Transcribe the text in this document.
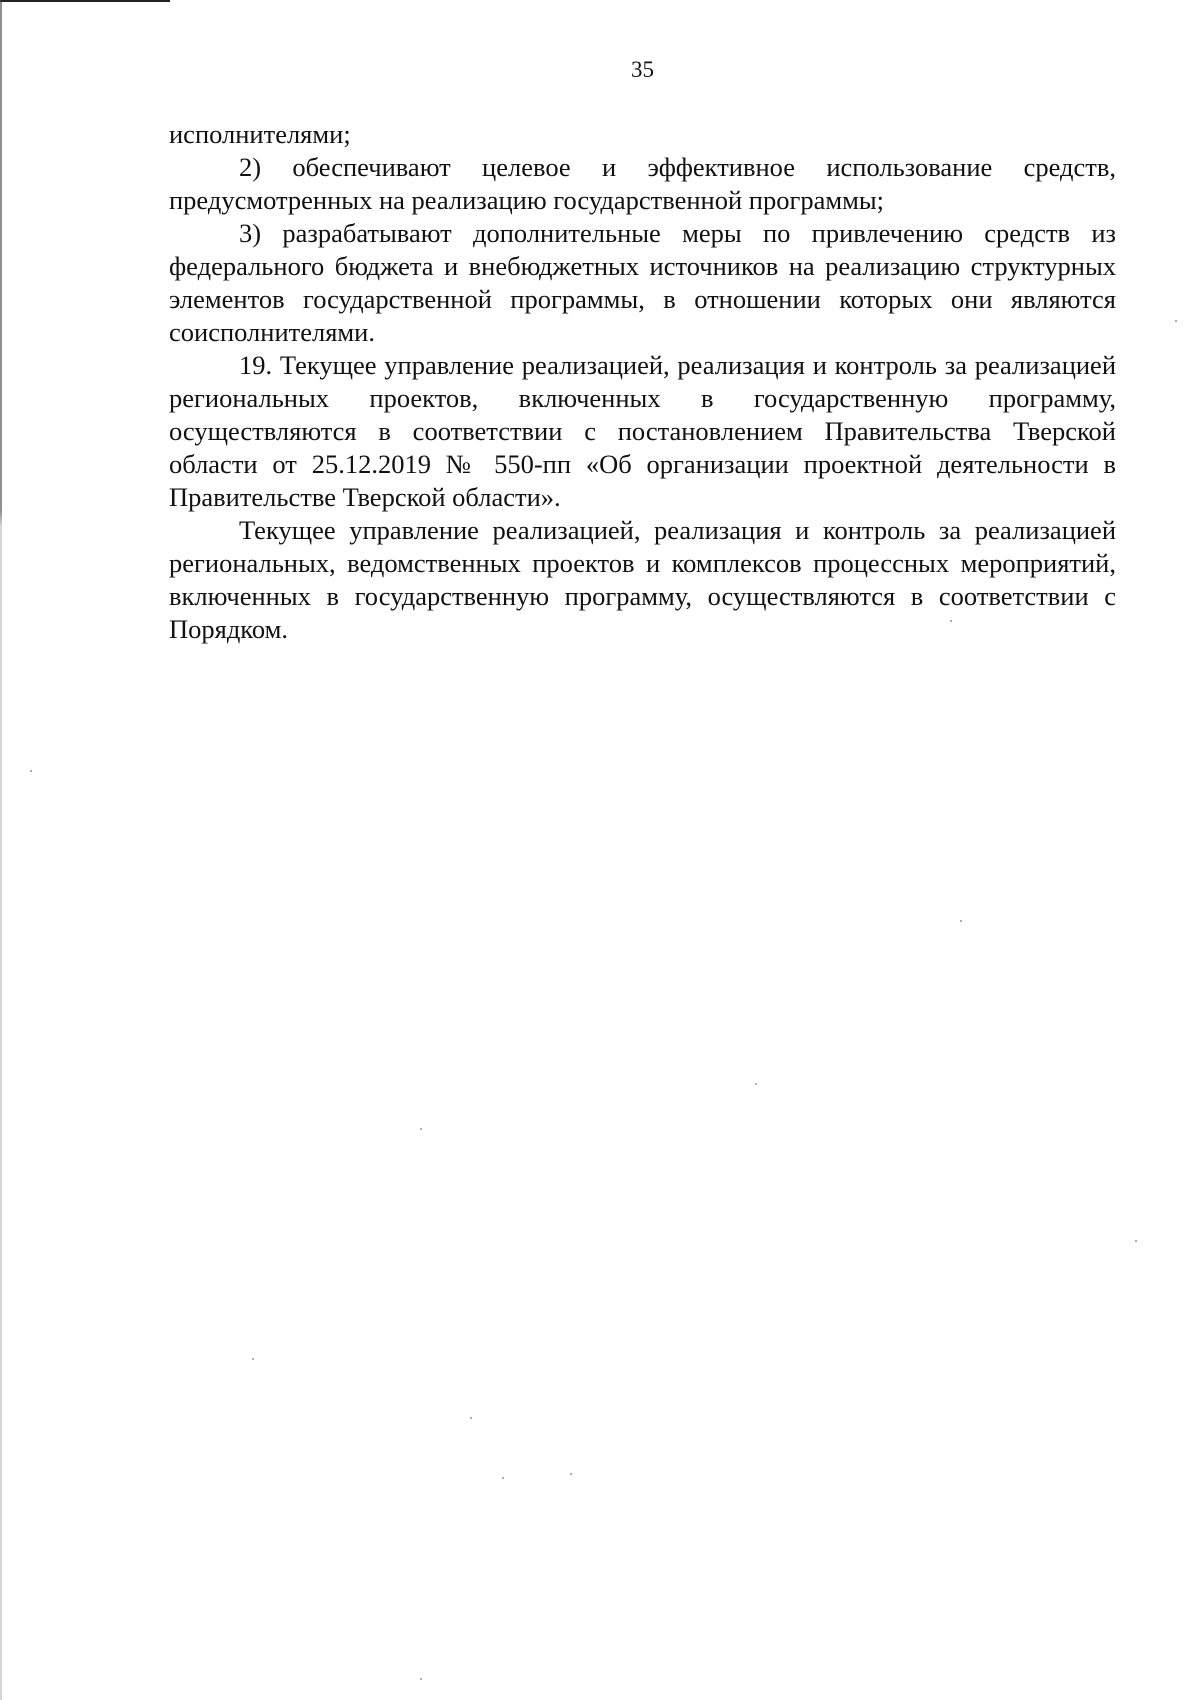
35

исполнителями;

2) обеспечивают целевое и эффективное использование средств, предусмотренных на реализацию государственной программы;

3) разрабатывают дополнительные меры по привлечению средств из федерального бюджета и внебюджетных источников на реализацию структурных элементов государственной программы, в отношении которых они являются соисполнителями.

19. Текущее управление реализацией, реализация и контроль за реализацией региональных проектов, включенных в государственную программу, осуществляются в соответствии с постановлением Правительства Тверской области от 25.12.2019 № 550-пп «Об организации проектной деятельности в Правительстве Тверской области».

Текущее управление реализацией, реализация и контроль за реализацией региональных, ведомственных проектов и комплексов процессных мероприятий, включенных в государственную программу, осуществляются в соответствии с Порядком.
